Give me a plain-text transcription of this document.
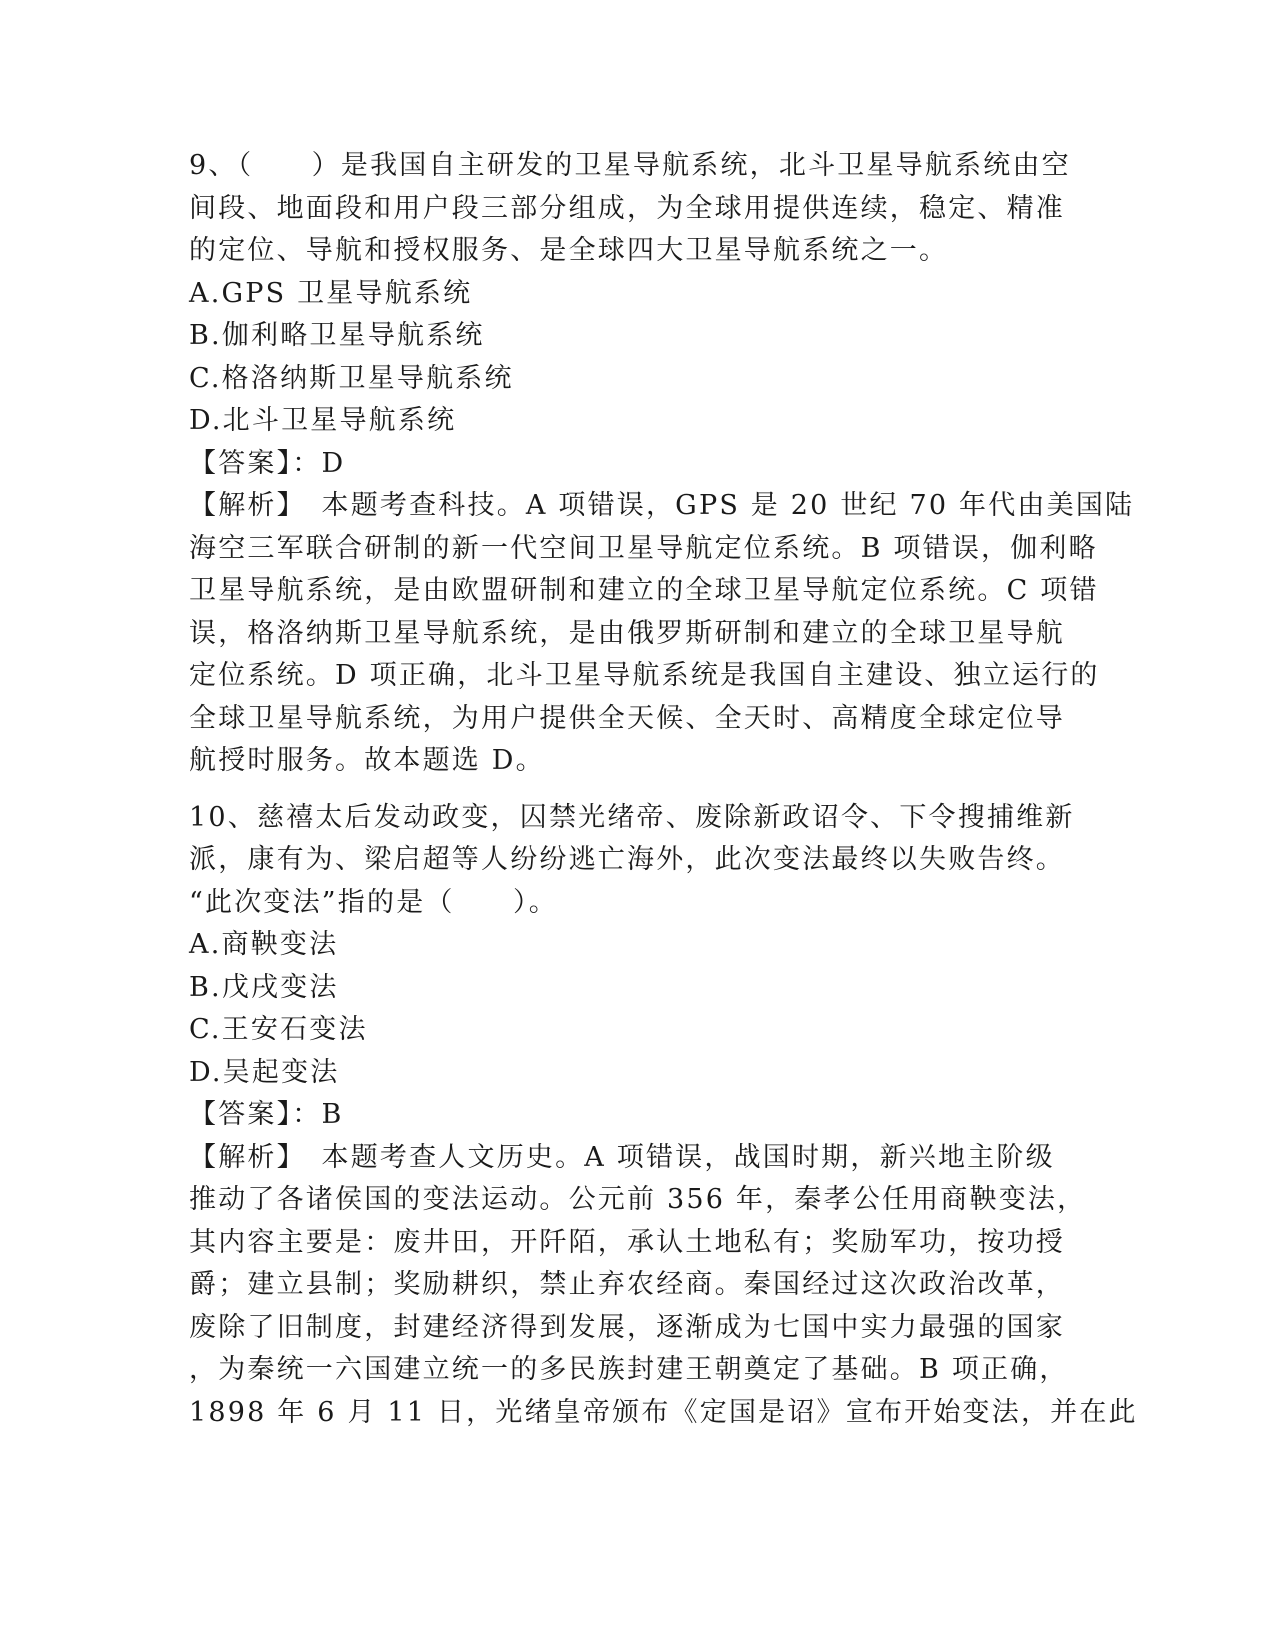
9、（　　）是我国自主研发的卫星导航系统，北斗卫星导航系统由空
间段、地面段和用户段三部分组成，为全球用提供连续，稳定、精准
的定位、导航和授权服务、是全球四大卫星导航系统之一。
A.GPS 卫星导航系统
B.伽利略卫星导航系统
C.格洛纳斯卫星导航系统
D.北斗卫星导航系统
【答案】：D
【解析】　本题考查科技。A 项错误，GPS 是 20 世纪 70 年代由美国陆
海空三军联合研制的新一代空间卫星导航定位系统。B 项错误，伽利略
卫星导航系统，是由欧盟研制和建立的全球卫星导航定位系统。C 项错
误，格洛纳斯卫星导航系统，是由俄罗斯研制和建立的全球卫星导航
定位系统。D 项正确，北斗卫星导航系统是我国自主建设、独立运行的
全球卫星导航系统，为用户提供全天候、全天时、高精度全球定位导
航授时服务。故本题选 D。
10、慈禧太后发动政变，囚禁光绪帝、废除新政诏令、下令搜捕维新
派，康有为、梁启超等人纷纷逃亡海外，此次变法最终以失败告终。
“此次变法”指的是（　　）。
A.商鞅变法
B.戊戌变法
C.王安石变法
D.吴起变法
【答案】：B
【解析】　本题考查人文历史。A 项错误，战国时期，新兴地主阶级
推动了各诸侯国的变法运动。公元前 356 年，秦孝公任用商鞅变法，
其内容主要是：废井田，开阡陌，承认土地私有；奖励军功，按功授
爵；建立县制；奖励耕织，禁止弃农经商。秦国经过这次政治改革，
废除了旧制度，封建经济得到发展，逐渐成为七国中实力最强的国家
，为秦统一六国建立统一的多民族封建王朝奠定了基础。B 项正确，
1898 年 6 月 11 日，光绪皇帝颁布《定国是诏》宣布开始变法，并在此
